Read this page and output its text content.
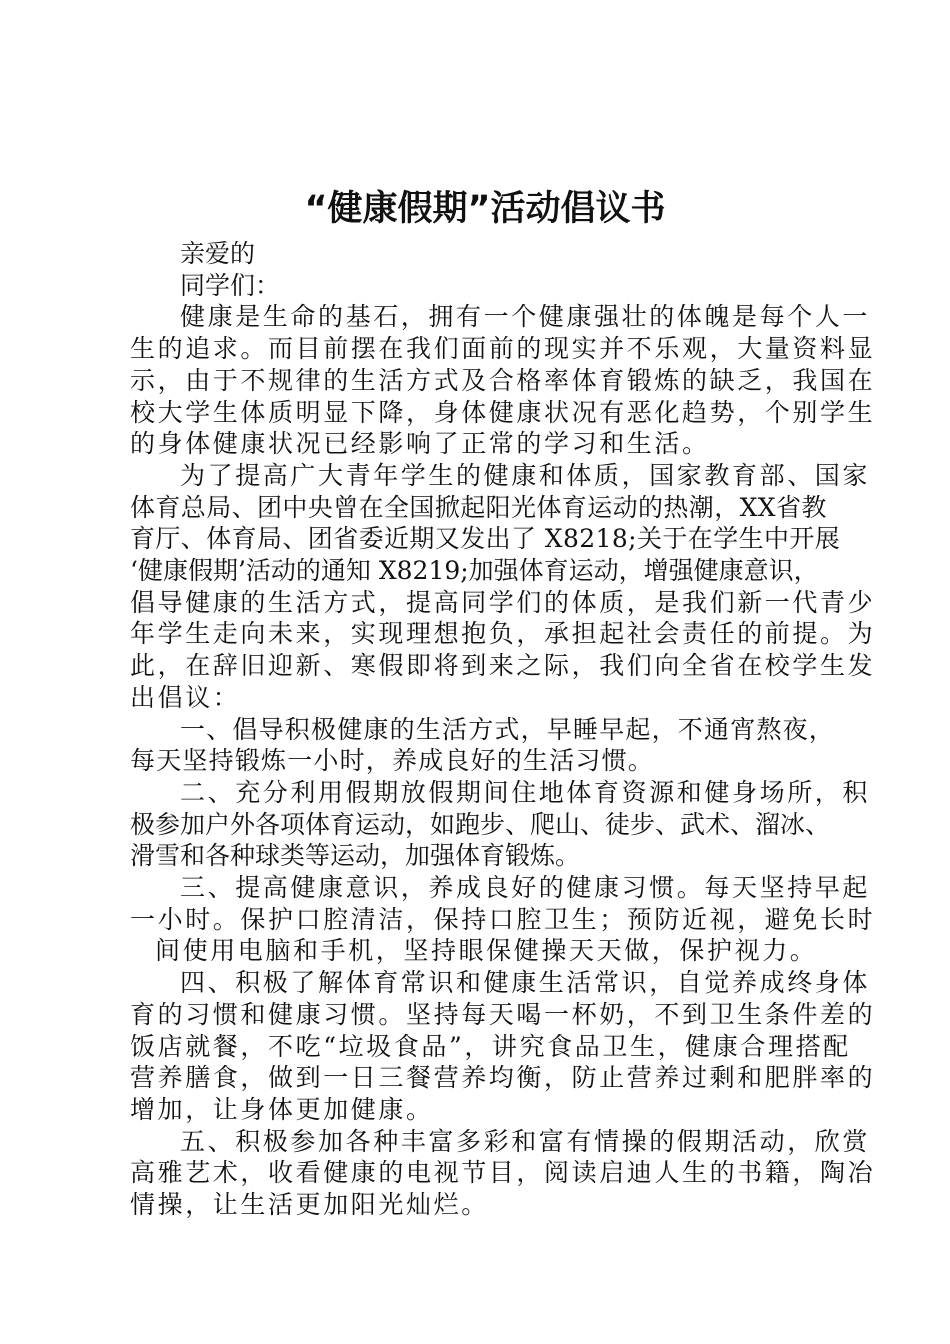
“健康假期”活动倡议书

亲爱的

同学们：

健康是生命的基石，拥有一个健康强壮的体魄是每个人一
生的追求。而目前摆在我们面前的现实并不乐观，大量资料显
示，由于不规律的生活方式及合格率体育锻炼的缺乏，我国在
校大学生体质明显下降，身体健康状况有恶化趋势，个别学生
的身体健康状况已经影响了正常的学习和生活。
为了提高广大青年学生的健康和体质，国家教育部、国家
体育总局、团中央曾在全国掀起阳光体育运动的热潮，XX省教
育厅、体育局、团省委近期又发出了 X8218;关于在学生中开展
‘健康假期’活动的通知 X8219;加强体育运动，增强健康意识，
倡导健康的生活方式，提高同学们的体质，是我们新一代青少
年学生走向未来，实现理想抱负，承担起社会责任的前提。为
此，在辞旧迎新、寒假即将到来之际，我们向全省在校学生发
出倡议：
一、倡导积极健康的生活方式，早睡早起，不通宵熬夜，
每天坚持锻炼一小时，养成良好的生活习惯。
二、充分利用假期放假期间住地体育资源和健身场所，积
极参加户外各项体育运动，如跑步、爬山、徒步、武术、溜冰、
滑雪和各种球类等运动，加强体育锻炼。
三、提高健康意识，养成良好的健康习惯。每天坚持早起
一小时。保护口腔清洁，保持口腔卫生；预防近视，避免长时
间使用电脑和手机，坚持眼保健操天天做，保护视力。
四、积极了解体育常识和健康生活常识，自觉养成终身体
育的习惯和健康习惯。坚持每天喝一杯奶，不到卫生条件差的
饭店就餐，不吃“垃圾食品”，讲究食品卫生，健康合理搭配
营养膳食，做到一日三餐营养均衡，防止营养过剩和肥胖率的
增加，让身体更加健康。
五、积极参加各种丰富多彩和富有情操的假期活动，欣赏
高雅艺术，收看健康的电视节目，阅读启迪人生的书籍，陶冶
情操，让生活更加阳光灿烂。
